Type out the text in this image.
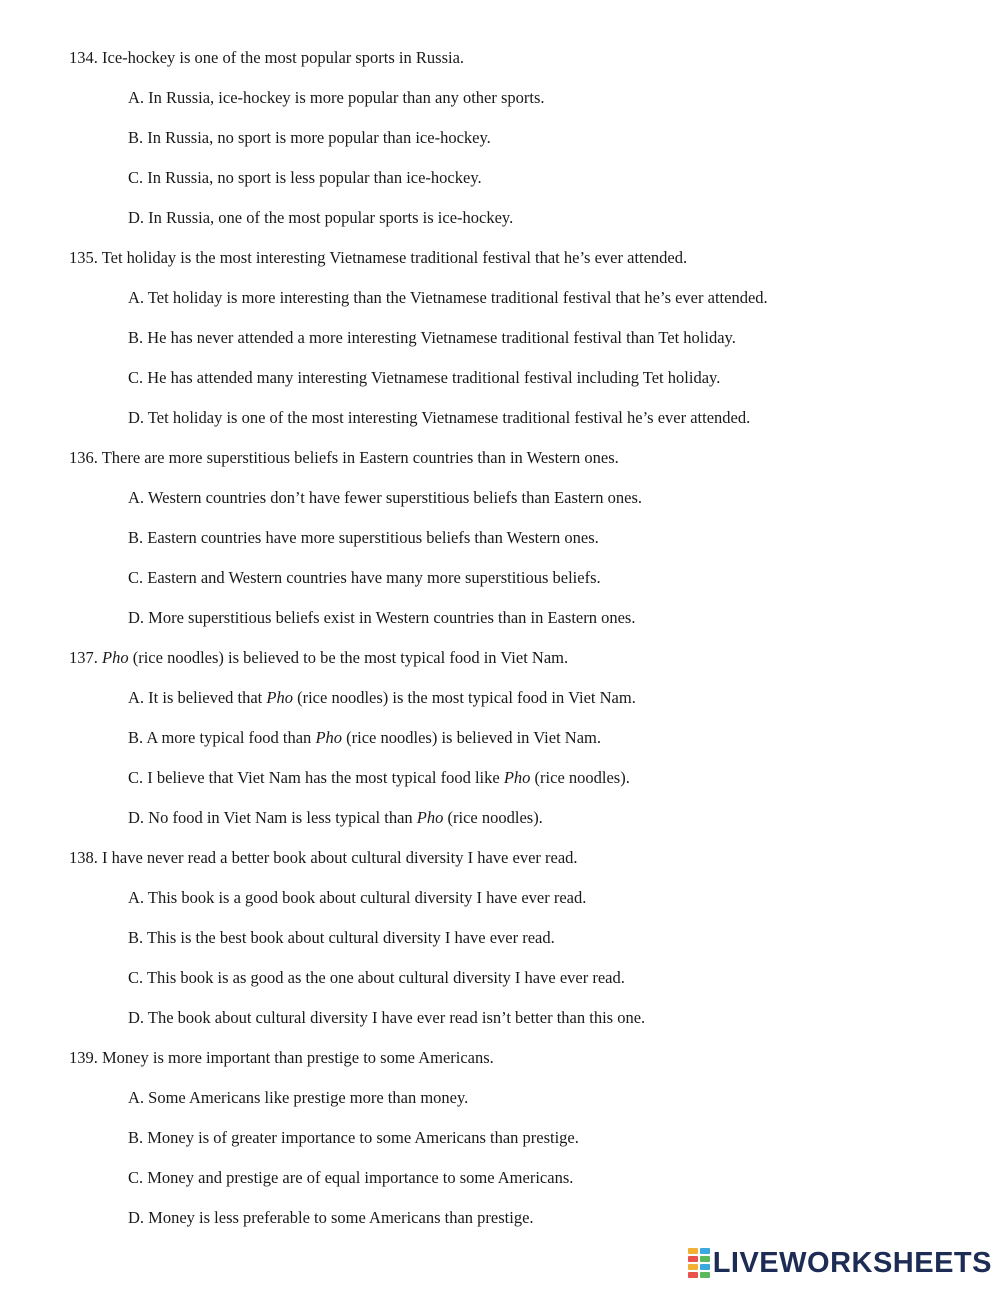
134. Ice-hockey is one of the most popular sports in Russia.
A. In Russia, ice-hockey is more popular than any other sports.
B. In Russia, no sport is more popular than ice-hockey.
C. In Russia, no sport is less popular than ice-hockey.
D. In Russia, one of the most popular sports is ice-hockey.
135. Tet holiday is the most interesting Vietnamese traditional festival that he’s ever attended.
A. Tet holiday is more interesting than the Vietnamese traditional festival that he’s ever attended.
B. He has never attended a more interesting Vietnamese traditional festival than Tet holiday.
C. He has attended many interesting Vietnamese traditional festival including Tet holiday.
D. Tet holiday is one of the most interesting Vietnamese traditional festival he’s ever attended.
136. There are more superstitious beliefs in Eastern countries than in Western ones.
A. Western countries don’t have fewer superstitious beliefs than Eastern ones.
B. Eastern countries have more superstitious beliefs than Western ones.
C. Eastern and Western countries have many more superstitious beliefs.
D. More superstitious beliefs exist in Western countries than in Eastern ones.
137. Pho (rice noodles) is believed to be the most typical food in Viet Nam.
A. It is believed that Pho (rice noodles) is the most typical food in Viet Nam.
B. A more typical food than Pho (rice noodles) is believed in Viet Nam.
C. I believe that Viet Nam has the most typical food like Pho (rice noodles).
D. No food in Viet Nam is less typical than Pho (rice noodles).
138. I have never read a better book about cultural diversity I have ever read.
A. This book is a good book about cultural diversity I have ever read.
B. This is the best book about cultural diversity I have ever read.
C. This book is as good as the one about cultural diversity I have ever read.
D. The book about cultural diversity I have ever read isn’t better than this one.
139. Money is more important than prestige to some Americans.
A. Some Americans like prestige more than money.
B. Money is of greater importance to some Americans than prestige.
C. Money and prestige are of equal importance to some Americans.
D. Money is less preferable to some Americans than prestige.
LIVEWORKSHEETS
